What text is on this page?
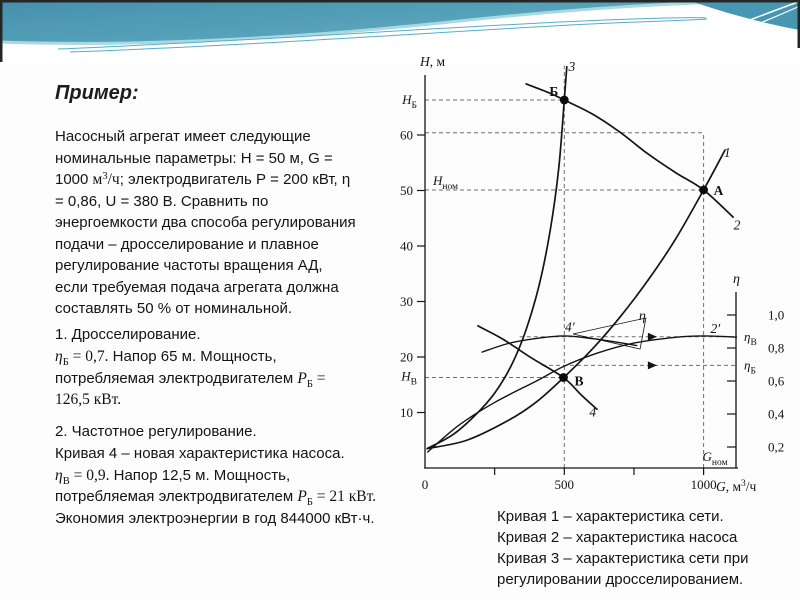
Пример:
Насосный агрегат имеет следующие
номинальные параметры: Н = 50 м, G =
1000 $м^3/ч$; электродвигатель Р = 200 кВт, η
= 0,86, U = 380 В. Сравнить по
энергоемкости два способа регулирования
подачи – дросселирование и плавное
регулирование частоты вращения АД,
если требуемая подача агрегата должна
составлять 50 % от номинальной.
1. Дросселирование.
$\eta_Б = 0,7$. Напор 65 м. Мощность,
потребляемая электродвигателем $P_Б$ =
126,5 кВт.
2. Частотное регулирование.
Кривая 4 – новая характеристика насоса.
$\eta_В = 0,9$. Напор 12,5 м. Мощность,
потребляемая электродвигателем $P_Б = 21$ кВт.
Экономия электроэнергии в год 844000 кВт·ч.
1
2
3
4
2′
4′
η
10
20
30
40
50
60
0	500	1000
1,0
0,8
0,6
0,4
0,2
$H_Б$
$H_{ном}$
$H_В$
$\eta_В$
$\eta_Б$
$G_{ном}$
H, м
η
G, $м^3/ч$
А
Б
В
Кривая 1 – характеристика сети.
Кривая 2 – характеристика насоса
Кривая 3 – характеристика сети при
регулировании дросселированием.
